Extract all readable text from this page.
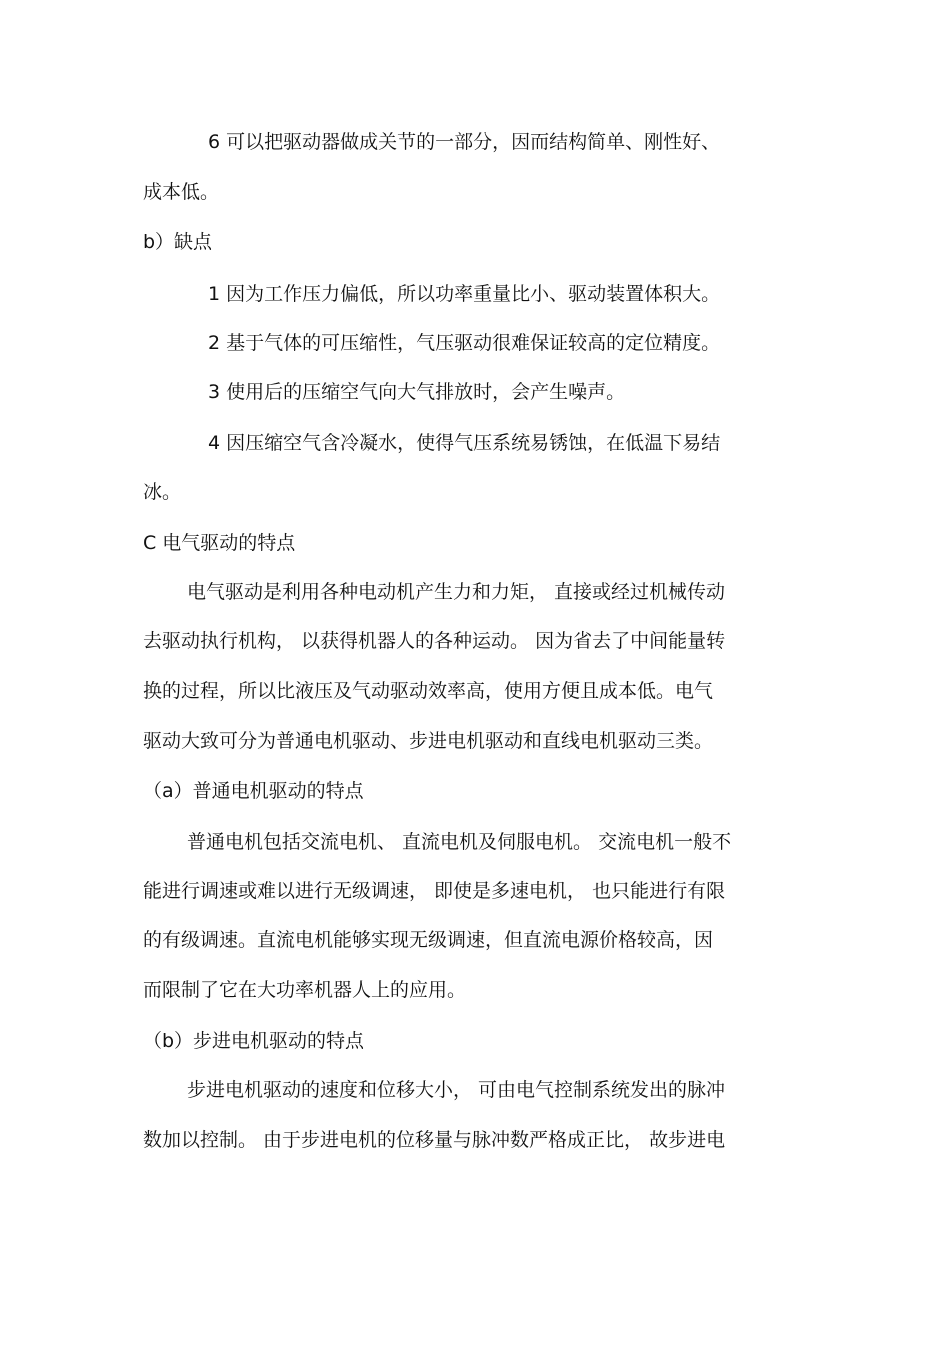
6 可以把驱动器做成关节的一部分，因而结构简单、刚性好、
成本低。
b）缺点
1 因为工作压力偏低，所以功率重量比小、驱动装置体积大。
2 基于气体的可压缩性，气压驱动很难保证较高的定位精度。
3 使用后的压缩空气向大气排放时，会产生噪声。
4 因压缩空气含冷凝水，使得气压系统易锈蚀，在低温下易结
冰。
C 电气驱动的特点
电气驱动是利用各种电动机产生力和力矩， 直接或经过机械传动
去驱动执行机构， 以获得机器人的各种运动。 因为省去了中间能量转
换的过程，所以比液压及气动驱动效率高，使用方便且成本低。电气
驱动大致可分为普通电机驱动、步进电机驱动和直线电机驱动三类。
（a）普通电机驱动的特点
普通电机包括交流电机、 直流电机及伺服电机。 交流电机一般不
能进行调速或难以进行无级调速， 即使是多速电机， 也只能进行有限
的有级调速。直流电机能够实现无级调速，但直流电源价格较高，因
而限制了它在大功率机器人上的应用。
（b）步进电机驱动的特点
步进电机驱动的速度和位移大小， 可由电气控制系统发出的脉冲
数加以控制。 由于步进电机的位移量与脉冲数严格成正比， 故步进电
